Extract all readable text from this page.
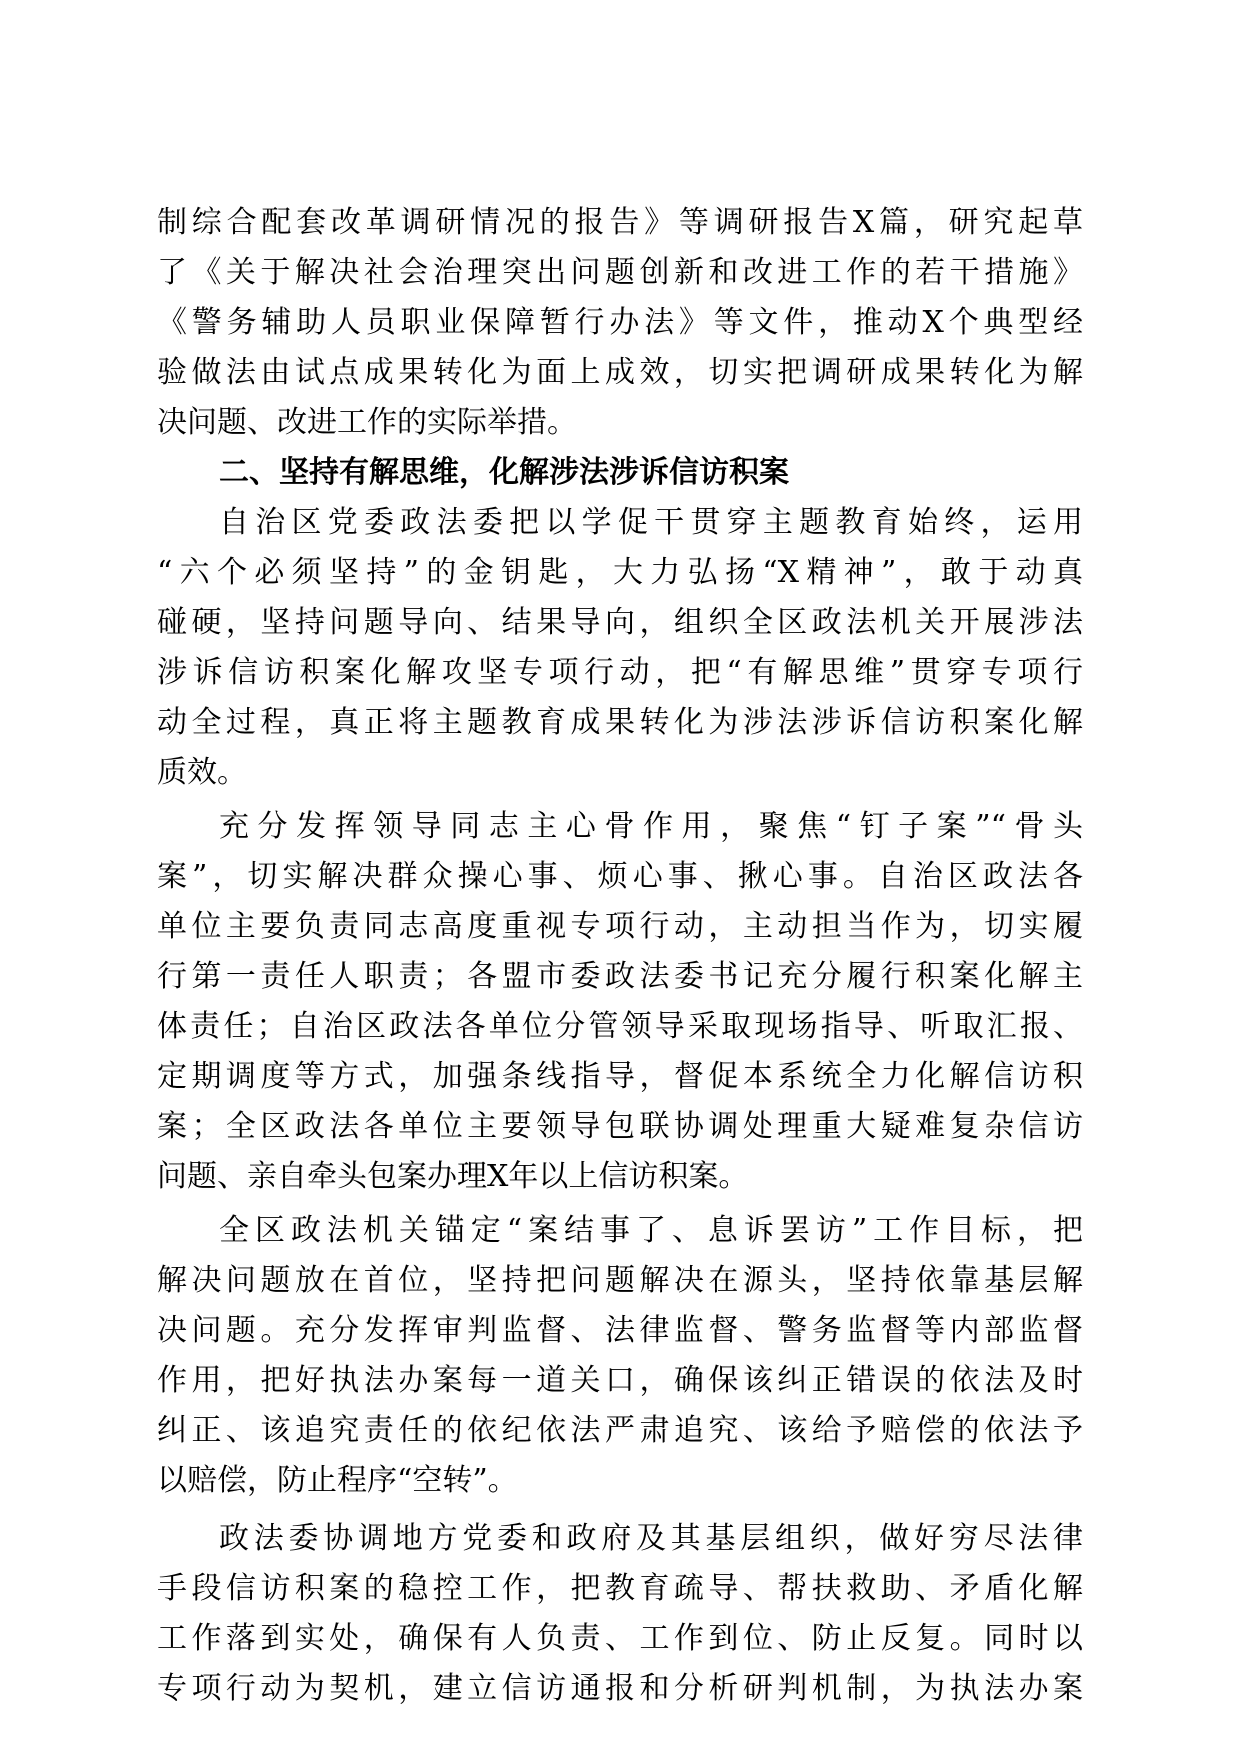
制综合配套改革调研情况的报告》等调研报告X篇，研究起草
了《关于解决社会治理突出问题创新和改进工作的若干措施》
《警务辅助人员职业保障暂行办法》等文件，推动X个典型经
验做法由试点成果转化为面上成效，切实把调研成果转化为解
决问题、改进工作的实际举措。
二、坚持有解思维，化解涉法涉诉信访积案
自治区党委政法委把以学促干贯穿主题教育始终，运用
“六个必须坚持”的金钥匙，大力弘扬“X精神”，敢于动真
碰硬，坚持问题导向、结果导向，组织全区政法机关开展涉法
涉诉信访积案化解攻坚专项行动，把“有解思维”贯穿专项行
动全过程，真正将主题教育成果转化为涉法涉诉信访积案化解
质效。
充分发挥领导同志主心骨作用，聚焦“钉子案”“骨头
案”，切实解决群众操心事、烦心事、揪心事。自治区政法各
单位主要负责同志高度重视专项行动，主动担当作为，切实履
行第一责任人职责；各盟市委政法委书记充分履行积案化解主
体责任；自治区政法各单位分管领导采取现场指导、听取汇报、
定期调度等方式，加强条线指导，督促本系统全力化解信访积
案；全区政法各单位主要领导包联协调处理重大疑难复杂信访
问题、亲自牵头包案办理X年以上信访积案。
全区政法机关锚定“案结事了、息诉罢访”工作目标，把
解决问题放在首位，坚持把问题解决在源头，坚持依靠基层解
决问题。充分发挥审判监督、法律监督、警务监督等内部监督
作用，把好执法办案每一道关口，确保该纠正错误的依法及时
纠正、该追究责任的依纪依法严肃追究、该给予赔偿的依法予
以赔偿，防止程序“空转”。
政法委协调地方党委和政府及其基层组织，做好穷尽法律
手段信访积案的稳控工作，把教育疏导、帮扶救助、矛盾化解
工作落到实处，确保有人负责、工作到位、防止反复。同时以
专项行动为契机，建立信访通报和分析研判机制，为执法办案
